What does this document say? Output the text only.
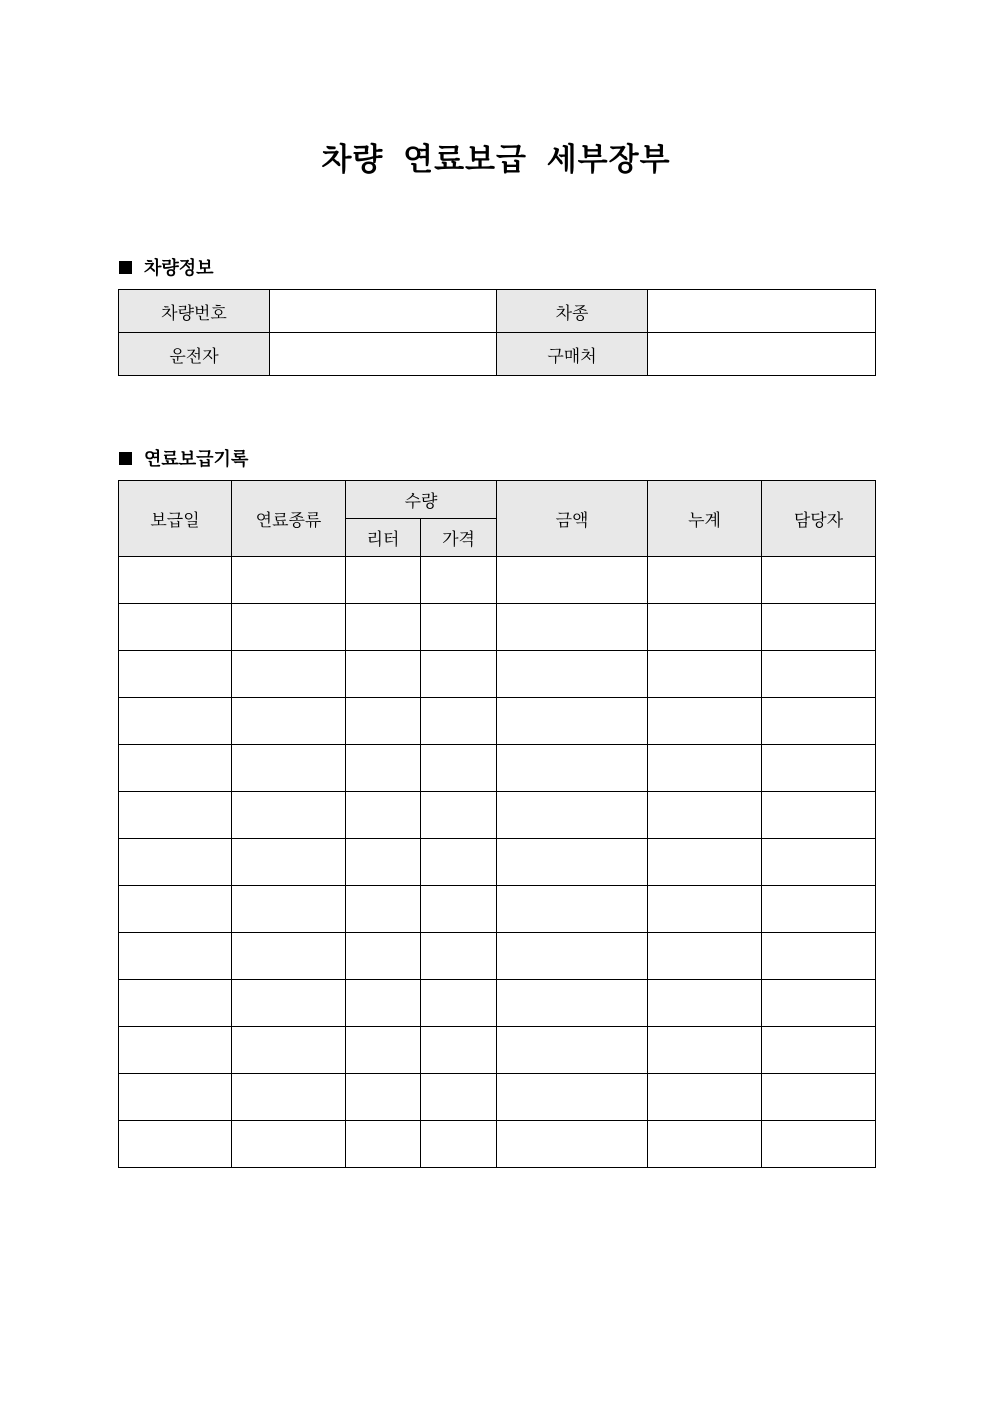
차량 연료보급 세부장부
차량정보
차량번호		차종	
운전자		구매처	
연료보급기록
보급일	연료종류	수량		금액	누계	담당자
		리터	가격			
